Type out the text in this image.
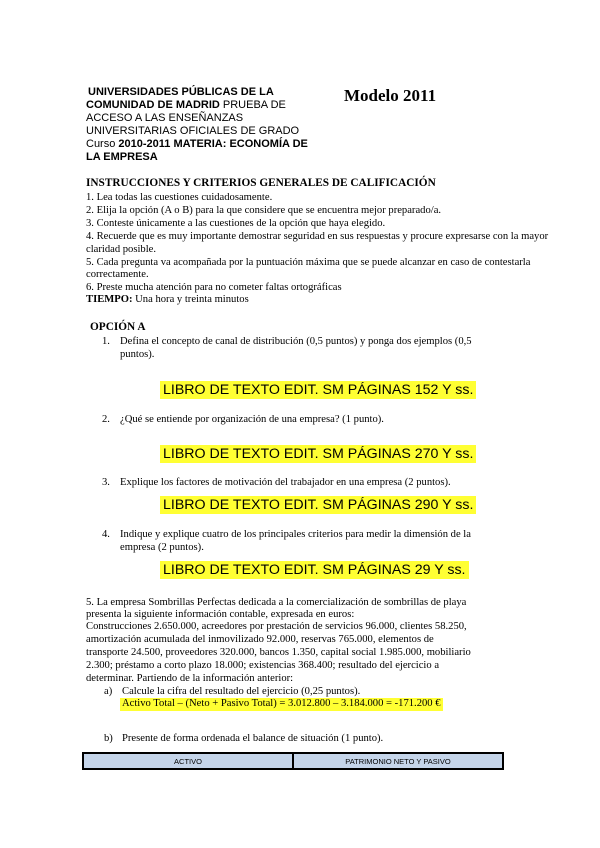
UNIVERSIDADES PÚBLICAS DE LA
COMUNIDAD DE MADRID PRUEBA DE
ACCESO A LAS ENSEÑANZAS
UNIVERSITARIAS OFICIALES DE GRADO
Curso 2010-2011 MATERIA: ECONOMÍA DE
LA EMPRESA
Modelo 2011
INSTRUCCIONES Y CRITERIOS GENERALES DE CALIFICACIÓN
1. Lea todas las cuestiones cuidadosamente.
2. Elija la opción (A o B) para la que considere que se encuentra mejor preparado/a.
3. Conteste únicamente a las cuestiones de la opción que haya elegido.
4. Recuerde que es muy importante demostrar seguridad en sus respuestas y procure expresarse con la mayor
claridad posible.
5. Cada pregunta va acompañada por la puntuación máxima que se puede alcanzar en caso de contestarla
correctamente.
6. Preste mucha atención para no cometer faltas ortográficas
TIEMPO: Una hora y treinta minutos
OPCIÓN A
1. Defina el concepto de canal de distribución (0,5 puntos) y ponga dos ejemplos (0,5
puntos).
LIBRO DE TEXTO EDIT. SM PÁGINAS 152 Y ss.
2. ¿Qué se entiende por organización de una empresa? (1 punto).
LIBRO DE TEXTO EDIT. SM PÁGINAS 270 Y ss.
3. Explique los factores de motivación del trabajador en una empresa (2 puntos).
LIBRO DE TEXTO EDIT. SM PÁGINAS 290 Y ss.
4. Indique y explique cuatro de los principales criterios para medir la dimensión de la
empresa (2 puntos).
LIBRO DE TEXTO EDIT. SM PÁGINAS 29 Y ss.
5. La empresa Sombrillas Perfectas dedicada a la comercialización de sombrillas de playa
presenta la siguiente información contable, expresada en euros:
Construcciones 2.650.000, acreedores por prestación de servicios 96.000, clientes 58.250,
amortización acumulada del inmovilizado 92.000, reservas 765.000, elementos de
transporte 24.500, proveedores 320.000, bancos 1.350, capital social 1.985.000, mobiliario
2.300; préstamo a corto plazo 18.000; existencias 368.400; resultado del ejercicio a
determinar. Partiendo de la información anterior:
a) Calcule la cifra del resultado del ejercicio (0,25 puntos).
Activo Total – (Neto + Pasivo Total) = 3.012.800 – 3.184.000 = -171.200 €
b) Presente de forma ordenada el balance de situación (1 punto).
ACTIVO	PATRIMONIO NETO Y PASIVO
